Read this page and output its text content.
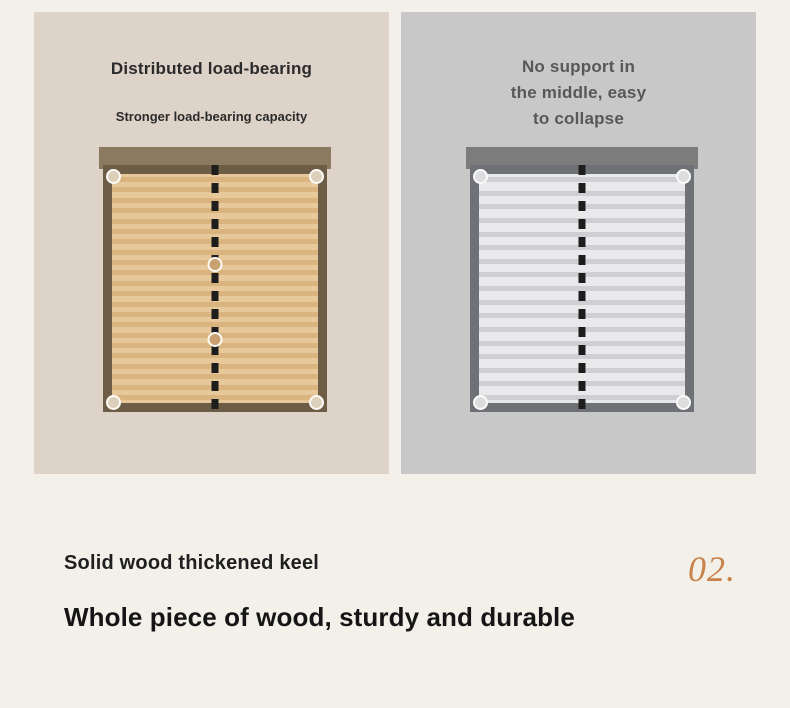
Distributed load-bearing
Stronger load-bearing capacity
No support in
the middle, easy
to collapse
Solid wood thickened keel
Whole piece of wood, sturdy and durable
02.
